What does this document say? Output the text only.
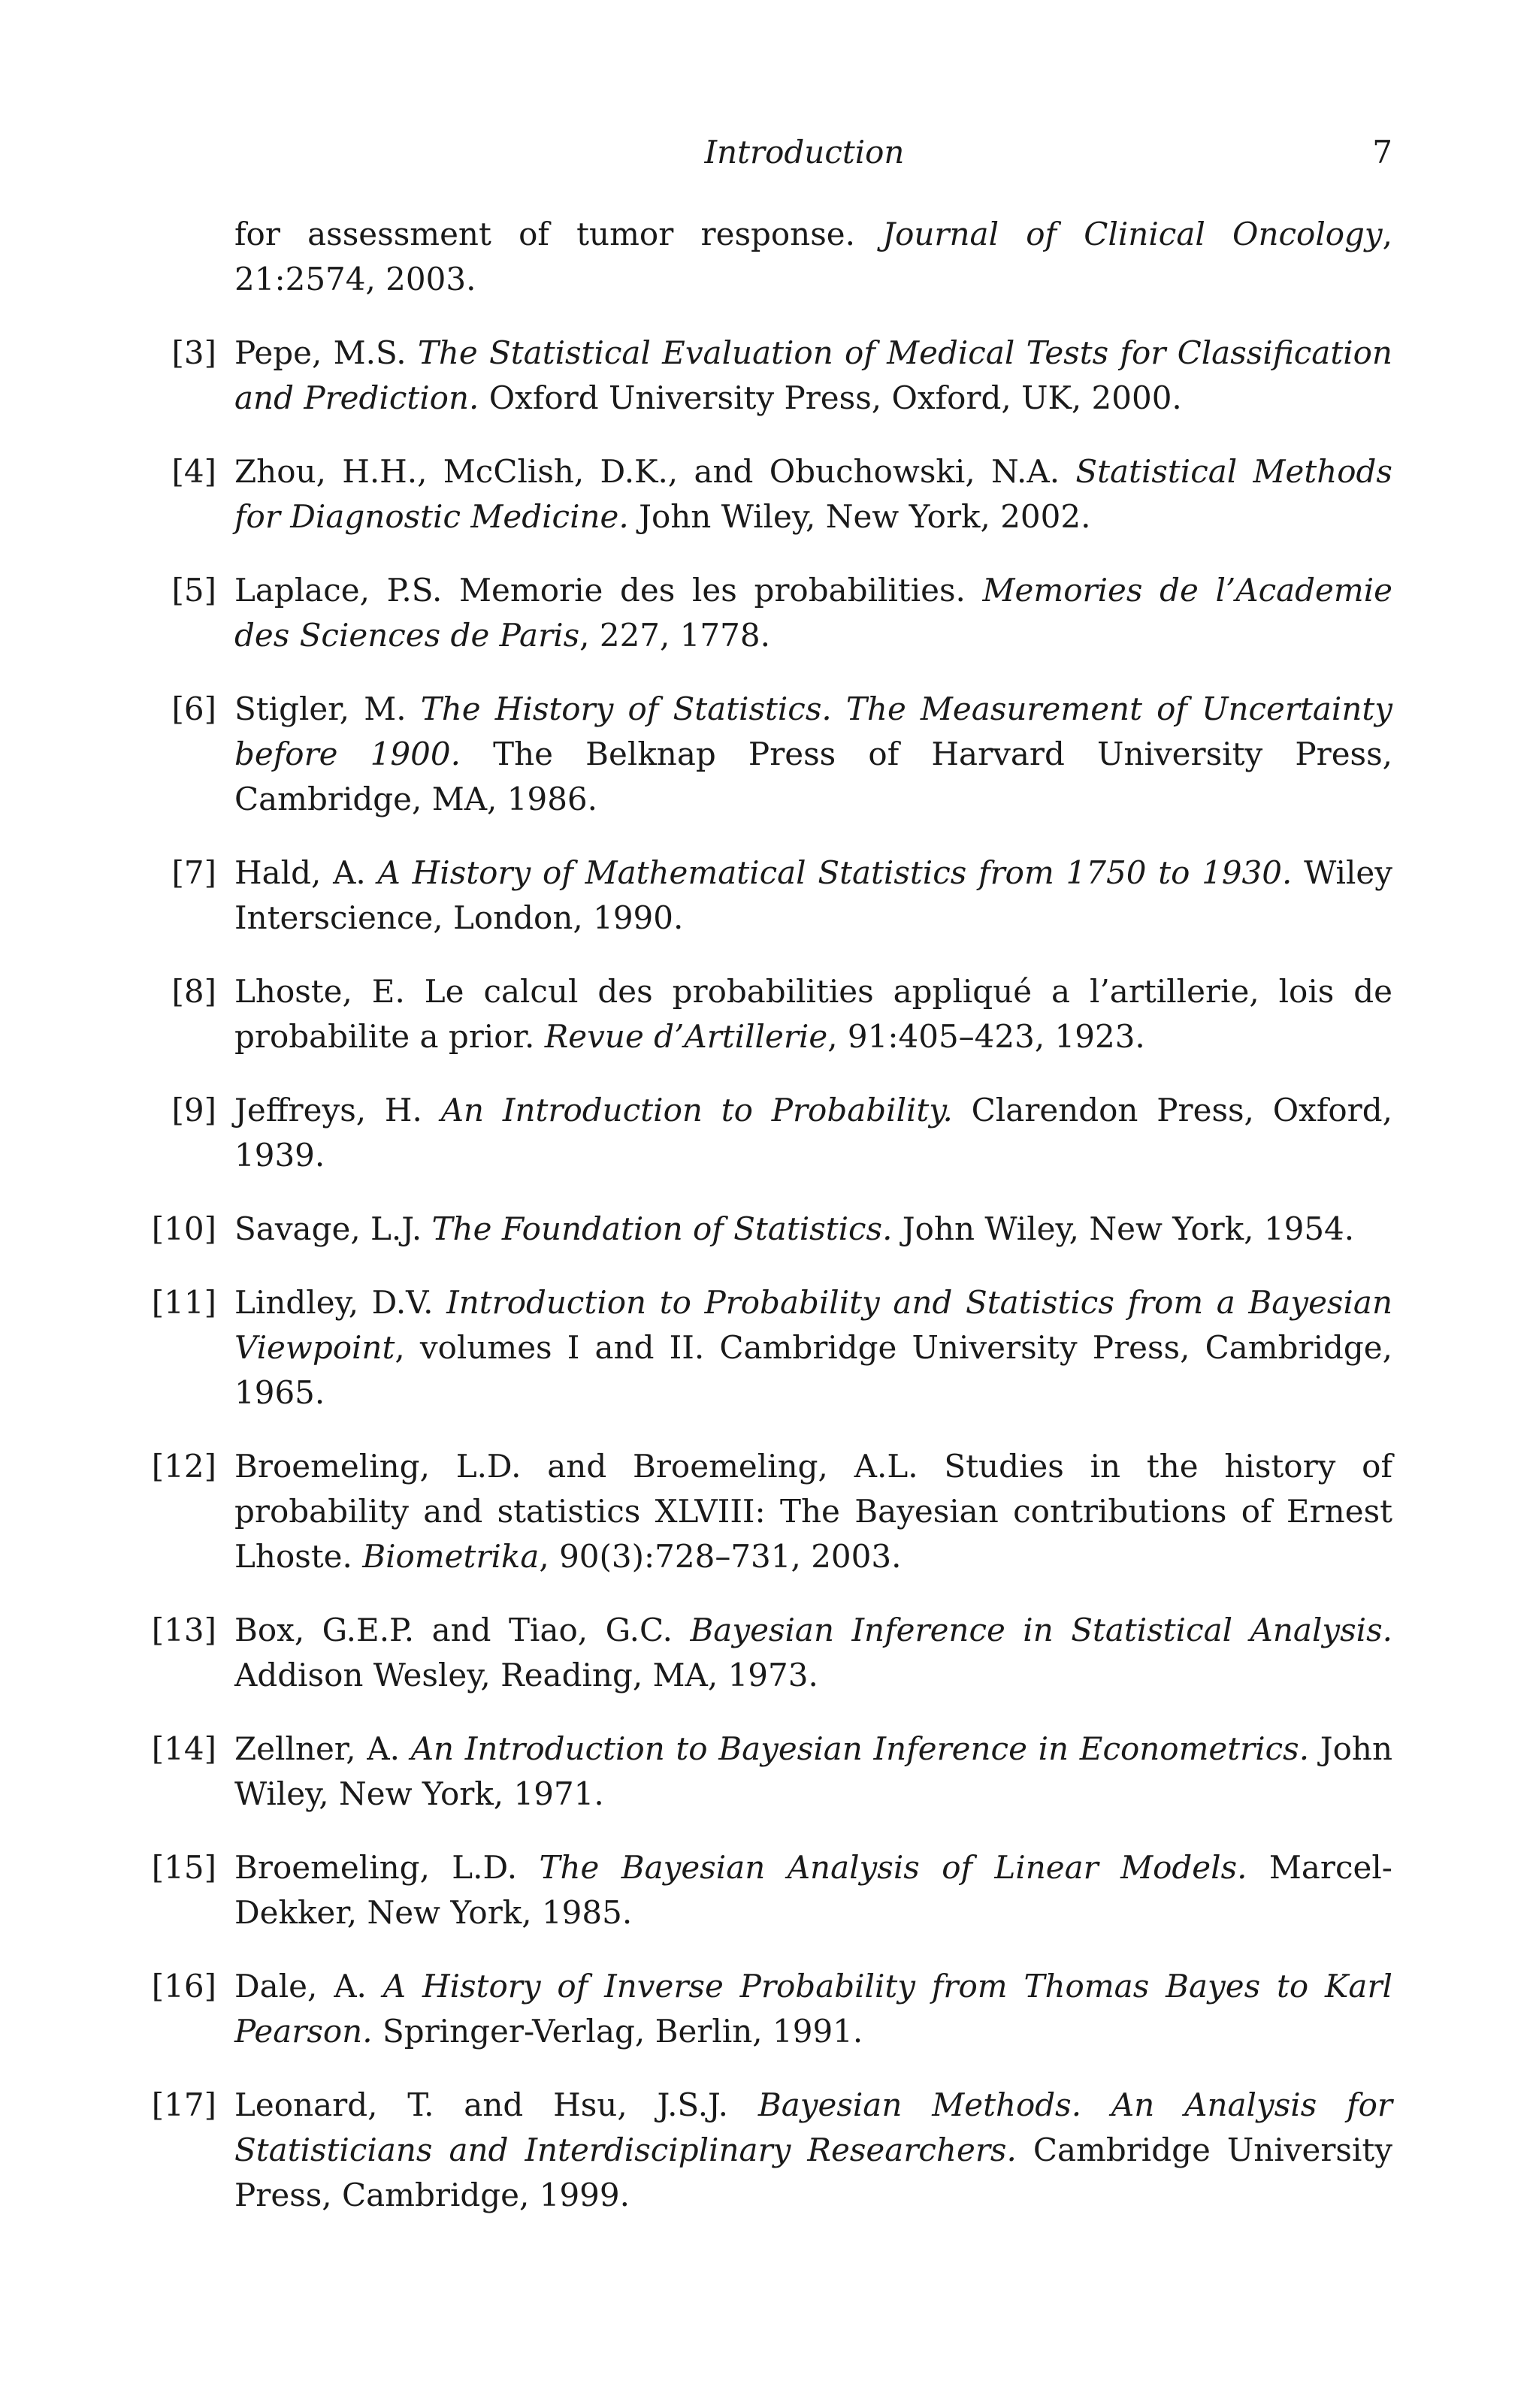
Introduction	7
for assessment of tumor response. Journal of Clinical Oncology, 21:2574, 2003.
[3] Pepe, M.S. The Statistical Evaluation of Medical Tests for Classification and Prediction. Oxford University Press, Oxford, UK, 2000.
[4] Zhou, H.H., McClish, D.K., and Obuchowski, N.A. Statistical Methods for Diagnostic Medicine. John Wiley, New York, 2002.
[5] Laplace, P.S. Memorie des les probabilities. Memories de l’Academie des Sciences de Paris, 227, 1778.
[6] Stigler, M. The History of Statistics. The Measurement of Uncertainty before 1900. The Belknap Press of Harvard University Press, Cambridge, MA, 1986.
[7] Hald, A. A History of Mathematical Statistics from 1750 to 1930. Wiley Interscience, London, 1990.
[8] Lhoste, E. Le calcul des probabilities appliqué a l’artillerie, lois de probabilite a prior. Revue d’Artillerie, 91:405–423, 1923.
[9] Jeffreys, H. An Introduction to Probability. Clarendon Press, Oxford, 1939.
[10] Savage, L.J. The Foundation of Statistics. John Wiley, New York, 1954.
[11] Lindley, D.V. Introduction to Probability and Statistics from a Bayesian Viewpoint, volumes I and II. Cambridge University Press, Cambridge, 1965.
[12] Broemeling, L.D. and Broemeling, A.L. Studies in the history of probability and statistics XLVIII: The Bayesian contributions of Ernest Lhoste. Biometrika, 90(3):728–731, 2003.
[13] Box, G.E.P. and Tiao, G.C. Bayesian Inference in Statistical Analysis. Addison Wesley, Reading, MA, 1973.
[14] Zellner, A. An Introduction to Bayesian Inference in Econometrics. John Wiley, New York, 1971.
[15] Broemeling, L.D. The Bayesian Analysis of Linear Models. Marcel-Dekker, New York, 1985.
[16] Dale, A. A History of Inverse Probability from Thomas Bayes to Karl Pearson. Springer-Verlag, Berlin, 1991.
[17] Leonard, T. and Hsu, J.S.J. Bayesian Methods. An Analysis for Statisticians and Interdisciplinary Researchers. Cambridge University Press, Cambridge, 1999.
